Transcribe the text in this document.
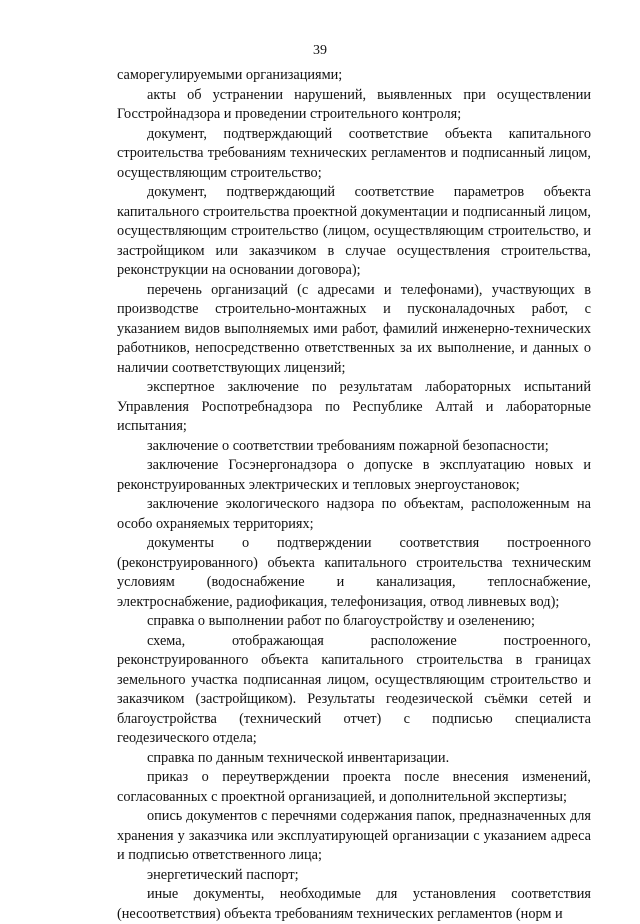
39

саморегулируемыми организациями;

акты об устранении нарушений, выявленных при осуществлении Госстройнадзора и проведении строительного контроля;

документ, подтверждающий соответствие объекта капитального строительства требованиям технических регламентов и подписанный лицом, осуществляющим строительство;

документ, подтверждающий соответствие параметров объекта капитального строительства проектной документации и подписанный лицом, осуществляющим строительство (лицом, осуществляющим строительство, и застройщиком или заказчиком в случае осуществления строительства, реконструкции на основании договора);

перечень организаций (с адресами и телефонами), участвующих в производстве строительно-монтажных и пусконаладочных работ, с указанием видов выполняемых ими работ, фамилий инженерно-технических работников, непосредственно ответственных за их выполнение, и данных о наличии соответствующих лицензий;

экспертное заключение по результатам лабораторных испытаний Управления Роспотребнадзора по Республике Алтай и лабораторные испытания;

заключение о соответствии требованиям пожарной безопасности;

заключение Госэнергонадзора о допуске в эксплуатацию новых и реконструированных электрических и тепловых энергоустановок;

заключение экологического надзора по объектам, расположенным на особо охраняемых территориях;

документы о подтверждении соответствия построенного (реконструированного) объекта капитального строительства техническим условиям (водоснабжение и канализация, теплоснабжение, электроснабжение, радиофикация, телефонизация, отвод ливневых вод);

справка о выполнении работ по благоустройству и озеленению;

схема, отображающая расположение построенного, реконструированного объекта капитального строительства в границах земельного участка подписанная лицом, осуществляющим строительство и заказчиком (застройщиком). Результаты геодезической съёмки сетей и благоустройства (технический отчет) с подписью специалиста геодезического отдела;

справка по данным технической инвентаризации.

приказ о переутверждении проекта после внесения изменений, согласованных с проектной организацией, и дополнительной экспертизы;

опись документов с перечнями содержания папок, предназначенных для хранения у заказчика или эксплуатирующей организации с указанием адреса и подписью ответственного лица;

энергетический паспорт;

иные документы, необходимые для установления соответствия (несоответствия) объекта требованиям технических регламентов (норм и
